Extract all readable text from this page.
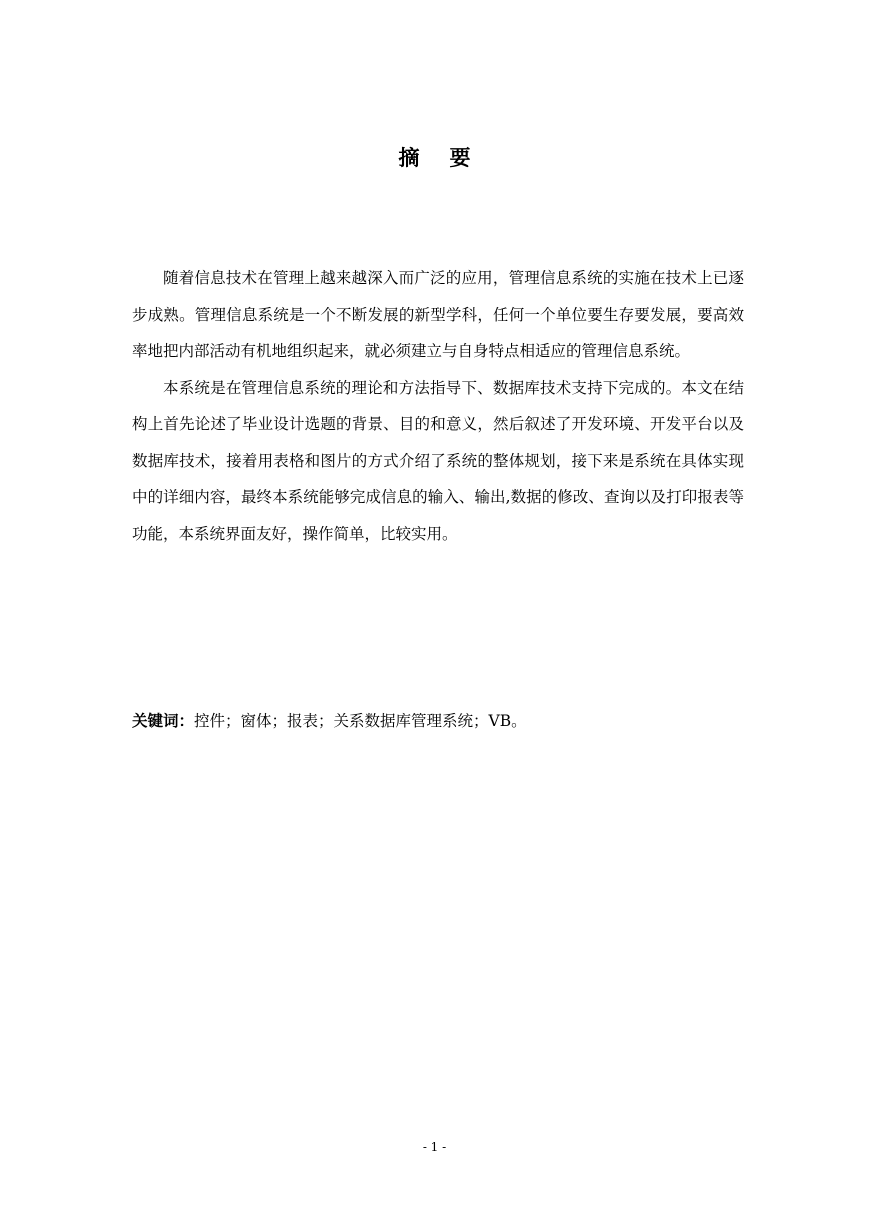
摘要

随着信息技术在管理上越来越深入而广泛的应用，管理信息系统的实施在技术上已逐步成熟。管理信息系统是一个不断发展的新型学科，任何一个单位要生存要发展，要高效率地把内部活动有机地组织起来，就必须建立与自身特点相适应的管理信息系统。

本系统是在管理信息系统的理论和方法指导下、数据库技术支持下完成的。本文在结构上首先论述了毕业设计选题的背景、目的和意义，然后叙述了开发环境、开发平台以及数据库技术，接着用表格和图片的方式介绍了系统的整体规划，接下来是系统在具体实现中的详细内容，最终本系统能够完成信息的输入、输出,数据的修改、查询以及打印报表等功能，本系统界面友好，操作简单，比较实用。

关键词：控件；窗体；报表；关系数据库管理系统；VB。
- 1 -
